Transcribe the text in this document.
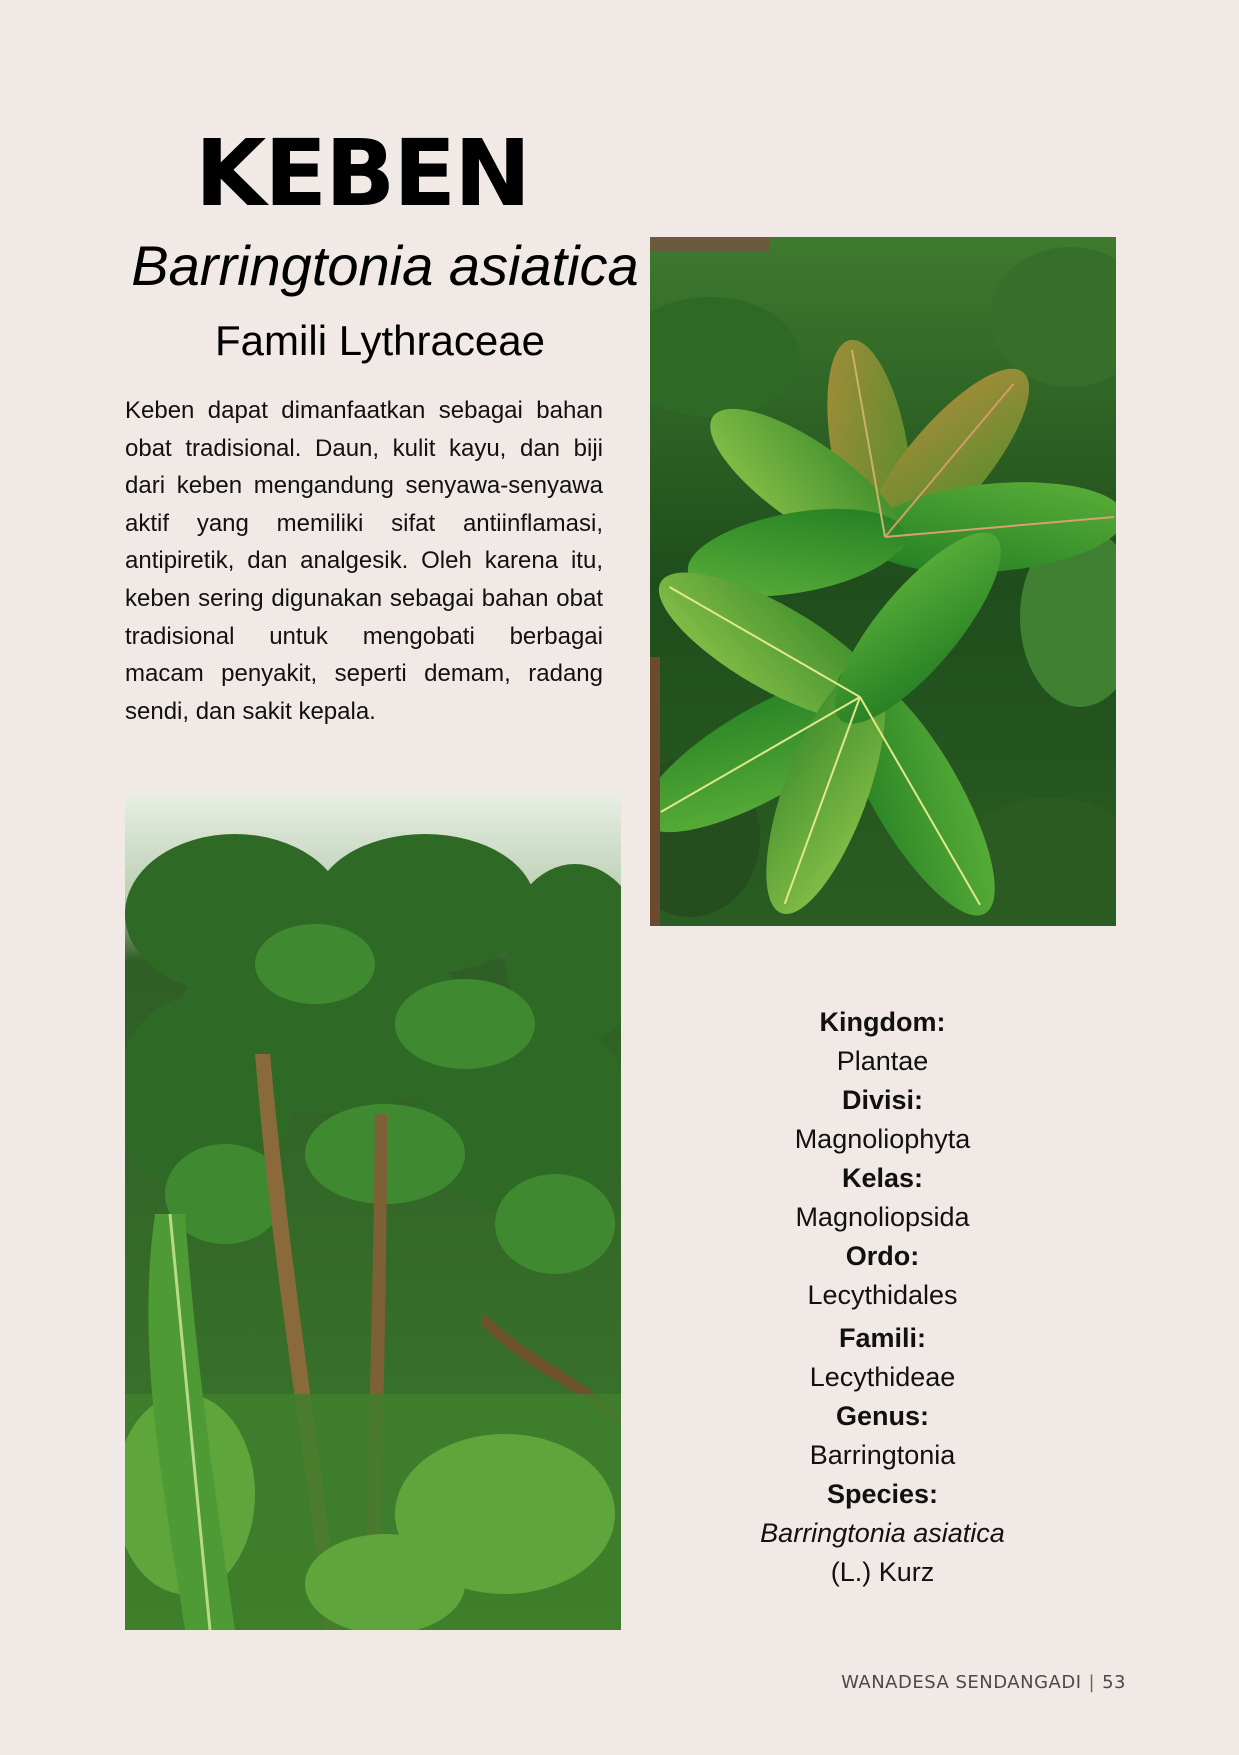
KEBEN
Barringtonia asiatica
Famili Lythraceae

Keben dapat dimanfaatkan sebagai bahan obat tradisional. Daun, kulit kayu, dan biji dari keben mengandung senyawa-senyawa aktif yang memiliki sifat antiinflamasi, antipiretik, dan analgesik. Oleh karena itu, keben sering digunakan sebagai bahan obat tradisional untuk mengobati berbagai macam penyakit, seperti demam, radang sendi, dan sakit kepala.

Kingdom:
Plantae
Divisi:
Magnoliophyta
Kelas:
Magnoliopsida
Ordo:
Lecythidales
Famili:
Lecythideae
Genus:
Barringtonia
Species:
Barringtonia asiatica
(L.) Kurz
WANADESA SENDANGADI | 53
